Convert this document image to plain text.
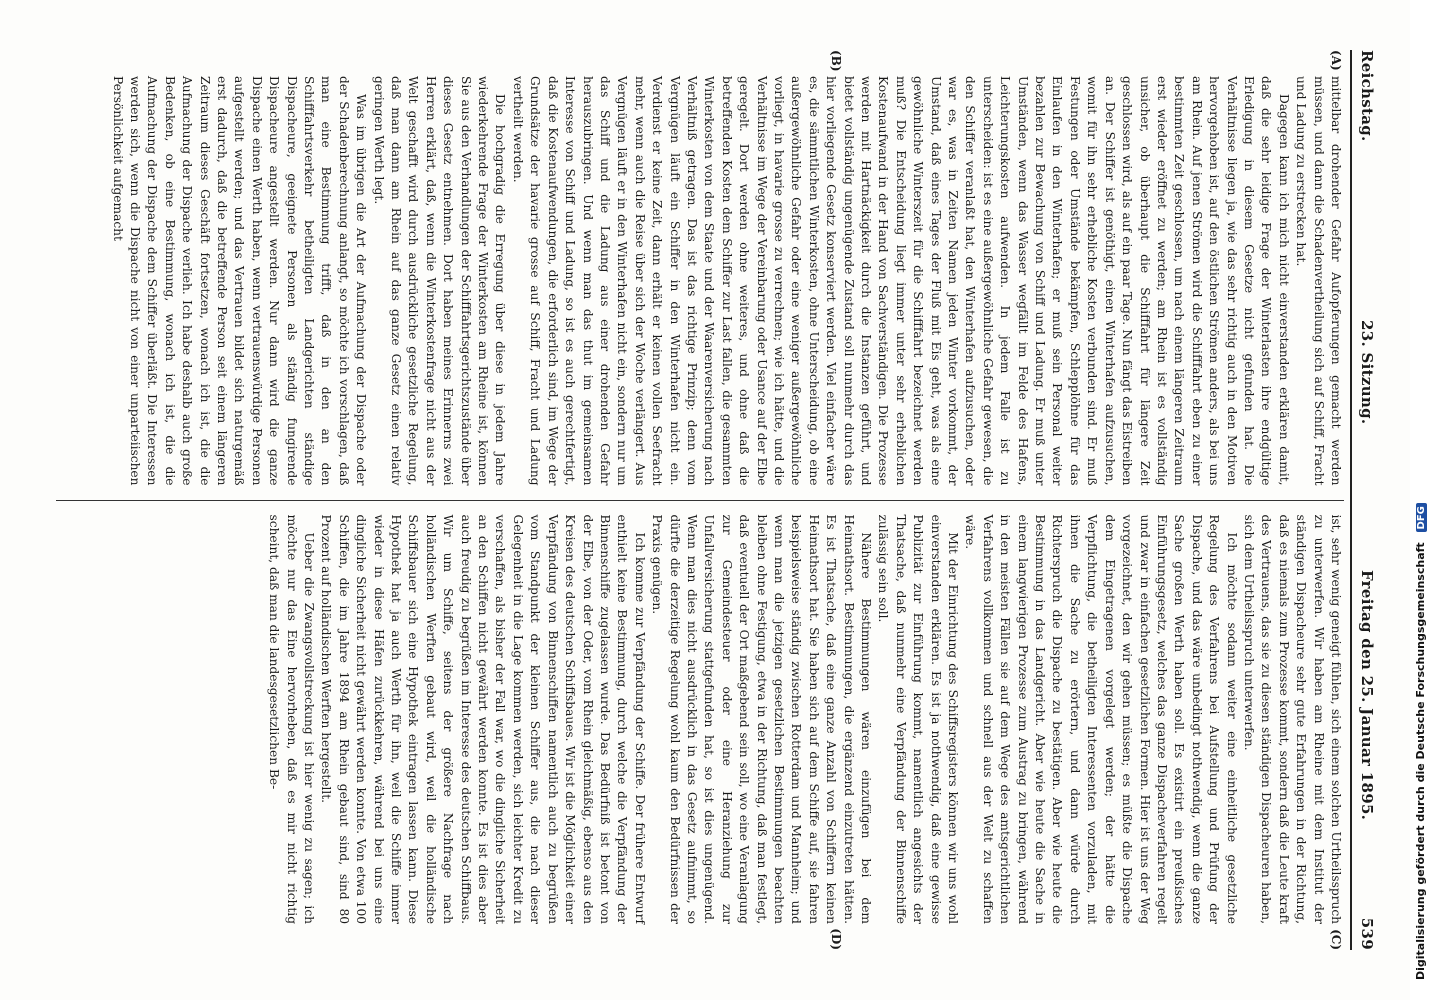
Reichstag.
23. Sitzung.
Freitag den 25. Januar 1895.
539
(A)
(B)

mittelbar drohender Gefahr Aufopferungen gemacht werden müssen, und dann die Schadenvertheilung sich auf Schiff, Fracht und Ladung zu erstrecken hat.

Dagegen kann ich mich nicht einverstanden erklären damit, daß die sehr leidige Frage der Winterlasten ihre endgültige Erledigung in diesem Gesetze nicht gefunden hat. Die Verhältnisse liegen ja, wie das sehr richtig auch in den Motiven hervorgehoben ist, auf den östlichen Strömen anders, als bei uns am Rhein. Auf jenen Strömen wird die Schifffahrt eben zu einer bestimmten Zeit geschlossen, um nach einem längeren Zeitraum erst wieder eröffnet zu werden; am Rhein ist es vollständig unsicher, ob überhaupt die Schifffahrt für längere Zeit geschlossen wird, als auf ein paar Tage. Nun fängt das Eistreiben an. Der Schiffer ist genöthigt, einen Winterhafen aufzusuchen, womit für ihn sehr erhebliche Kosten verbunden sind. Er muß Festungen oder Umstände bekämpfen, Schlepplöhne für das Einlaufen in den Winterhafen; er muß sein Personal weiter bezahlen zur Bewachung von Schiff und Ladung. Er muß unter Umständen, wenn das Wasser wegfällt im Felde des Hafens, Leichterungskosten aufwenden. In jedem Falle ist zu unterscheiden: ist es eine außergewöhnliche Gefahr gewesen, die den Schiffer veranlaßt hat, den Winterhafen aufzusuchen, oder war es, was in Zeiten Namen jeden Winter vorkommt, der Umstand, daß eines Tages der Fluß mit Eis geht, was als eine gewöhnliche Winterszeit für die Schifffahrt bezeichnet werden muß? Die Entscheidung liegt immer unter sehr erheblichen Kostenaufwand in der Hand von Sachverständigen. Die Prozesse werden mit Hartnäckigkeit durch die Instanzen geführt, und bietet vollständig ungenügende Zustand soll nunmehr durch das hier vorliegende Gesetz konserviert werden. Viel einfacher wäre es, die sämmtlichen Winterkosten, ohne Unterscheidung, ob eine außergewöhnliche Gefahr oder eine weniger außergewöhnliche vorliegt, in havarie grosse zu verrechnen; wie ich hätte, und die Verhältnisse im Wege der Vereinbarung oder Usance auf der Elbe geregelt. Dort werden ohne weiteres, und ohne daß die betreffenden Kosten dem Schiffer zur Last fallen, die gesammten Winterkosten von dem Staate und der Waarenversicherung nach Verhältniß getragen. Das ist das richtige Prinzip; denn vom Vergnügen läuft ein Schiffer in den Winterhafen nicht ein. Verdienst er keine Zeit, dann erhält er keinen vollen Seefracht mehr, wenn auch die Reise über sich der Woche verlängert. Aus Vergnügen läuft er in den Winterhafen nicht ein, sondern nur um das Schiff und die Ladung aus einer drohenden Gefahr herauszubringen. Und wenn man das thut im gemeinsamen Interesse von Schiff und Ladung, so ist es auch gerechtfertigt, daß die Kostenaufwendungen, die erforderlich sind, im Wege der Grundsätze der havarie grosse auf Schiff, Fracht und Ladung vertheilt werden.

Die hochgradig die Erregung über diese in jedem Jahre wiederkehrende Frage der Winterkosten am Rheine ist, können Sie aus den Verhandlungen der Schifffahrtsgerichtszustände über dieses Gesetz entnehmen. Dort haben meines Erinnerns zwei Herren erklärt, daß, wenn die Winterkostenfrage nicht aus der Welt geschafft wird durch ausdrückliche gesetzliche Regelung, daß man dann am Rhein auf das ganze Gesetz einen relativ geringen Werth legt.

Was im übrigen die Art der Aufmachung der Dispache oder der Schadenberechnung anlangt, so möchte ich vorschlagen, daß man eine Bestimmung trifft, daß in den an den Schifffahrtsverkehr betheiligten Landgerichten ständige Dispacheure, geeignete Personen als ständig fungirende Dispacheure angestellt werden. Nur dann wird die ganze Dispache einen Werth haben, wenn vertrauenswürdige Personen aufgestellt werden; und das Vertrauen bildet sich naturgemäß erst dadurch, daß die betreffende Person seit einem längeren Zeitraum dieses Geschäft fortsetzen, wonach ich ist, die die Aufmachung der Dispache verlieh. Ich habe deshalb auch große Bedenken, ob eine Bestimmung, wonach ich ist, die die Aufmachung der Dispache dem Schiffer überläßt. Die Interessen werden sich, wenn die Dispache nicht von einer unparteiischen Persönlichkeit aufgemacht

(C)
(D)

ist, sehr wenig geneigt fühlen, sich einem solchen Urtheilsspruch zu unterwerfen. Wir haben am Rheine mit dem Institut der ständigen Dispacheure sehr gute Erfahrungen in der Richtung, daß es niemals zum Prozesse kommt, sondern daß die Leute kraft des Vertrauens, das sie zu diesen ständigen Dispacheuren haben, sich dem Urtheilsspruch unterwerfen.

Ich möchte sodann weiter eine einheitliche gesetzliche Regelung des Verfahrens bei Aufstellung und Prüfung der Dispache, und das wäre unbedingt nothwendig, wenn die ganze Sache großen Werth haben soll. Es existirt ein preußisches Einführungsgesetz, welches das ganze Dispacheverfahren regelt und zwar in einfachen gesetzlichen Formen. Hier ist uns der Weg vorgezeichnet, den wir gehen müssen; es müßte die Dispache dem Eingetragenen vorgelegt werden; der hätte die Verpflichtung, die betheiligten Interessenten vorzuladen, mit ihnen die Sache zu erörtern, und dann würde durch Richterspruch die Dispache zu bestätigen. Aber wie heute die Bestimmung in das Landgericht. Aber wie heute die Sache in einem langwierigen Prozesse zum Austrag zu bringen, während in den meisten Fällen sie auf dem Wege des amtsgerichtlichen Verfahrens vollkommen und schnell aus der Welt zu schaffen wäre.

Mit der Einrichtung des Schiffsregisters können wir uns wohl einverstanden erklären. Es ist ja nothwendig, daß eine gewisse Publizität zur Einführung kommt, namentlich angesichts der Thatsache, daß nunmehr eine Verpfändung der Binnenschiffe zulässig sein soll.

Nähere Bestimmungen wären einzufügen bei dem Heimathsort. Bestimmungen, die ergänzend einzutreten hätten. Es ist Thatsache, daß eine ganze Anzahl von Schiffern keinen Heimathsort hat. Sie haben sich auf dem Schiffe auf, sie fahren beispielsweise ständig zwischen Rotterdam und Mannheim; und wenn man die jetzigen gesetzlichen Bestimmungen beachten bleiben ohne Festigung, etwa in der Richtung, daß man festlegt, daß eventuell der Ort maßgebend sein soll, wo eine Veranlagung zur Gemeindesteuer oder eine Heranziehung zur Unfallversicherung stattgefunden hat, so ist dies ungenügend. Wenn man dies nicht ausdrücklich in das Gesetz aufnimmt, so dürfte die derzeitige Regelung wohl kaum den Bedürfnissen der Praxis genügen.

Ich komme zur Verpfändung der Schiffe. Der frühere Entwurf enthielt keine Bestimmung, durch welche die Verpfändung der Binnenschiffe zugelassen wurde. Das Bedürfniß ist betont von der Elbe, von der Oder, vom Rhein gleichmäßig, ebenso aus den Kreisen des deutschen Schiffsbaues. Wir ist die Möglichkeit einer Verpfändung von Binnenschiffen namentlich auch zu begrüßen vom Standpunkt der kleinen Schiffer aus, die nach dieser Gelegenheit in die Lage kommen werden, sich leichter Kredit zu verschaffen, als bisher der Fall war, wo die dingliche Sicherheit an den Schiffen nicht gewährt werden konnte. Es ist dies aber auch freudig zu begrüßen im Interesse des deutschen Schiffbaus. Wir um Schiffe, seitens der größere Nachfrage nach holländischen Werften gebaut wird, weil die holländische Schiffsbauer sich eine Hypothek eintragen lassen kann. Diese Hypothek hat ja auch Werth für ihn, weil die Schiffe immer wieder in diese Häfen zurückkehren, während bei uns eine dingliche Sicherheit nicht gewährt werden konnte. Von etwa 100 Schiffen, die im Jahre 1894 am Rhein gebaut sind, sind 80 Prozent auf holländischen Werften hergestellt.

Ueber die Zwangsvollstreckung ist hier wenig zu sagen; ich möchte nur das Eine hervorheben, daß es mir nicht richtig scheint, daß man die landesgesetzlichen Be-	Digitalisierung gefördert durch die Deutsche Forschungsgemeinschaft DFG
